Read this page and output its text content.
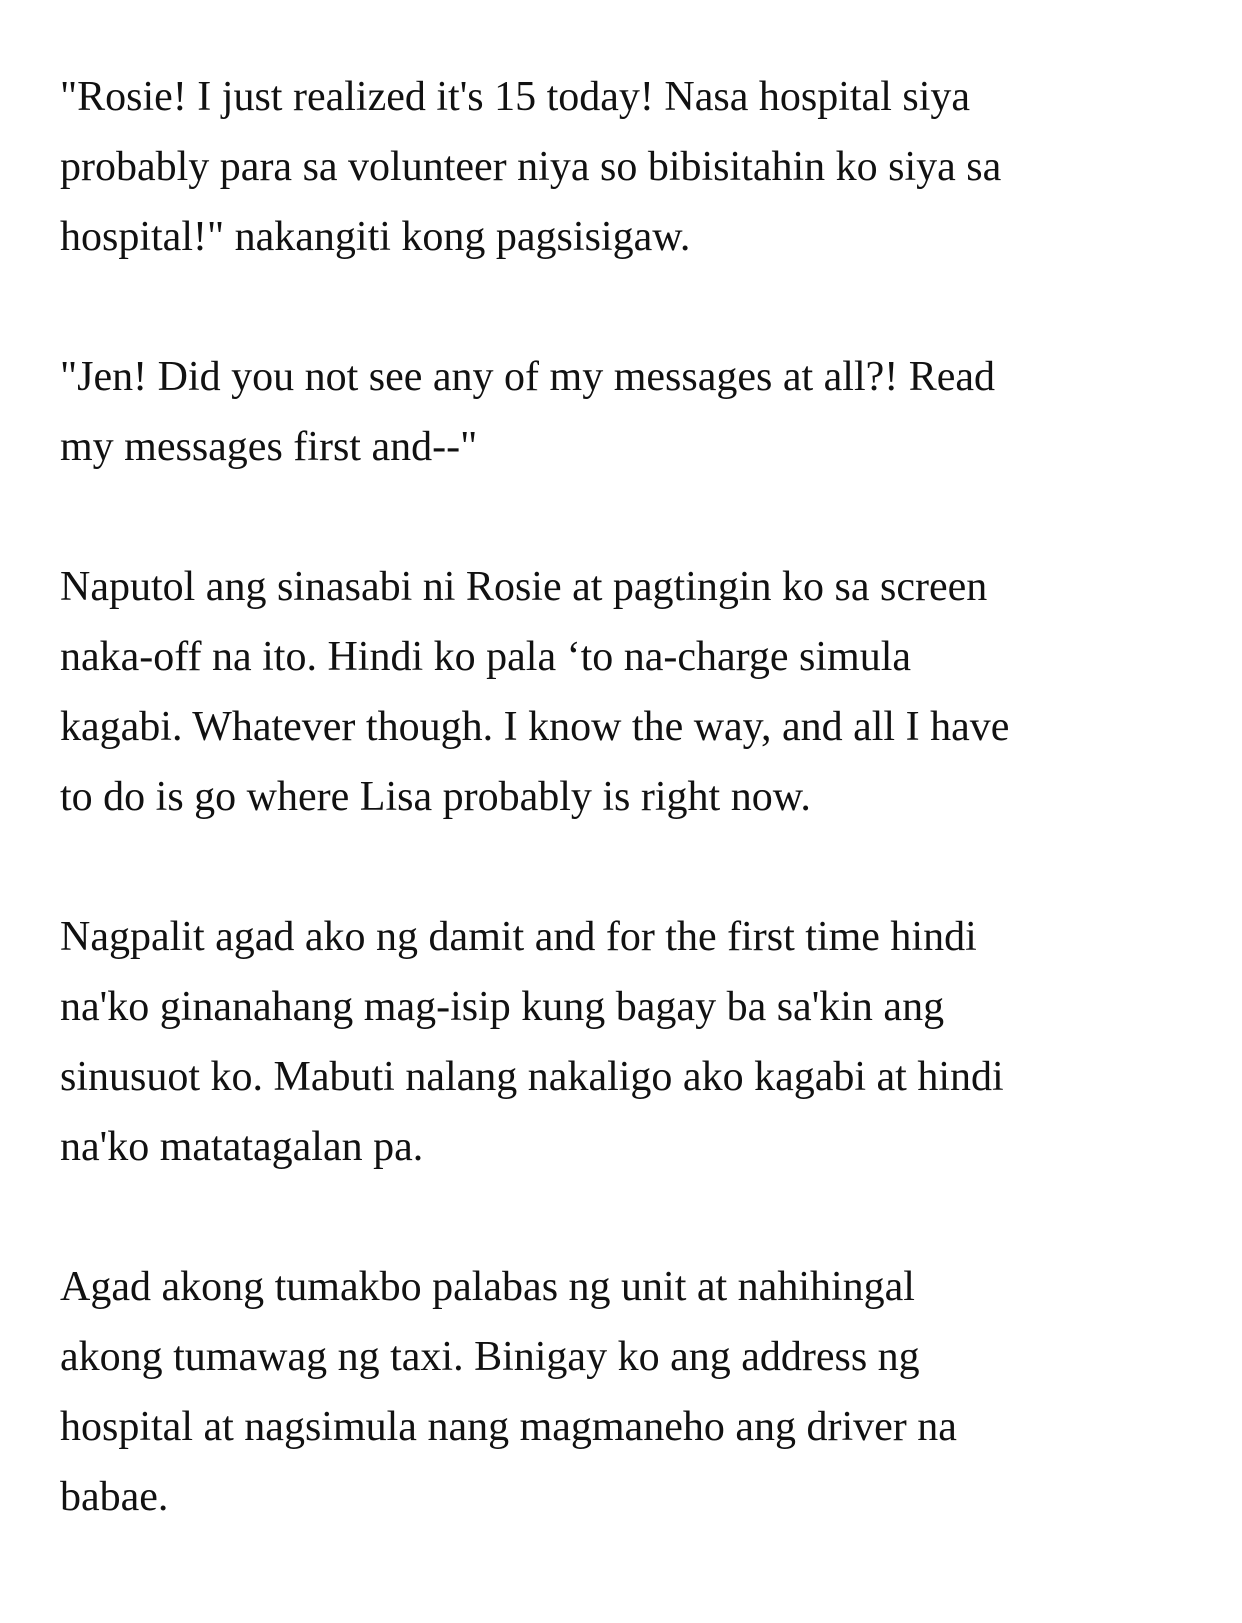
"Rosie! I just realized it's 15 today! Nasa hospital siya
probably para sa volunteer niya so bibisitahin ko siya sa
hospital!" nakangiti kong pagsisigaw.

"Jen! Did you not see any of my messages at all?! Read
my messages first and--"

Naputol ang sinasabi ni Rosie at pagtingin ko sa screen
naka-off na ito. Hindi ko pala ‘to na-charge simula
kagabi. Whatever though. I know the way, and all I have
to do is go where Lisa probably is right now.

Nagpalit agad ako ng damit and for the first time hindi
na'ko ginanahang mag-isip kung bagay ba sa'kin ang
sinusuot ko. Mabuti nalang nakaligo ako kagabi at hindi
na'ko matatagalan pa.

Agad akong tumakbo palabas ng unit at nahihingal
akong tumawag ng taxi. Binigay ko ang address ng
hospital at nagsimula nang magmaneho ang driver na
babae.
